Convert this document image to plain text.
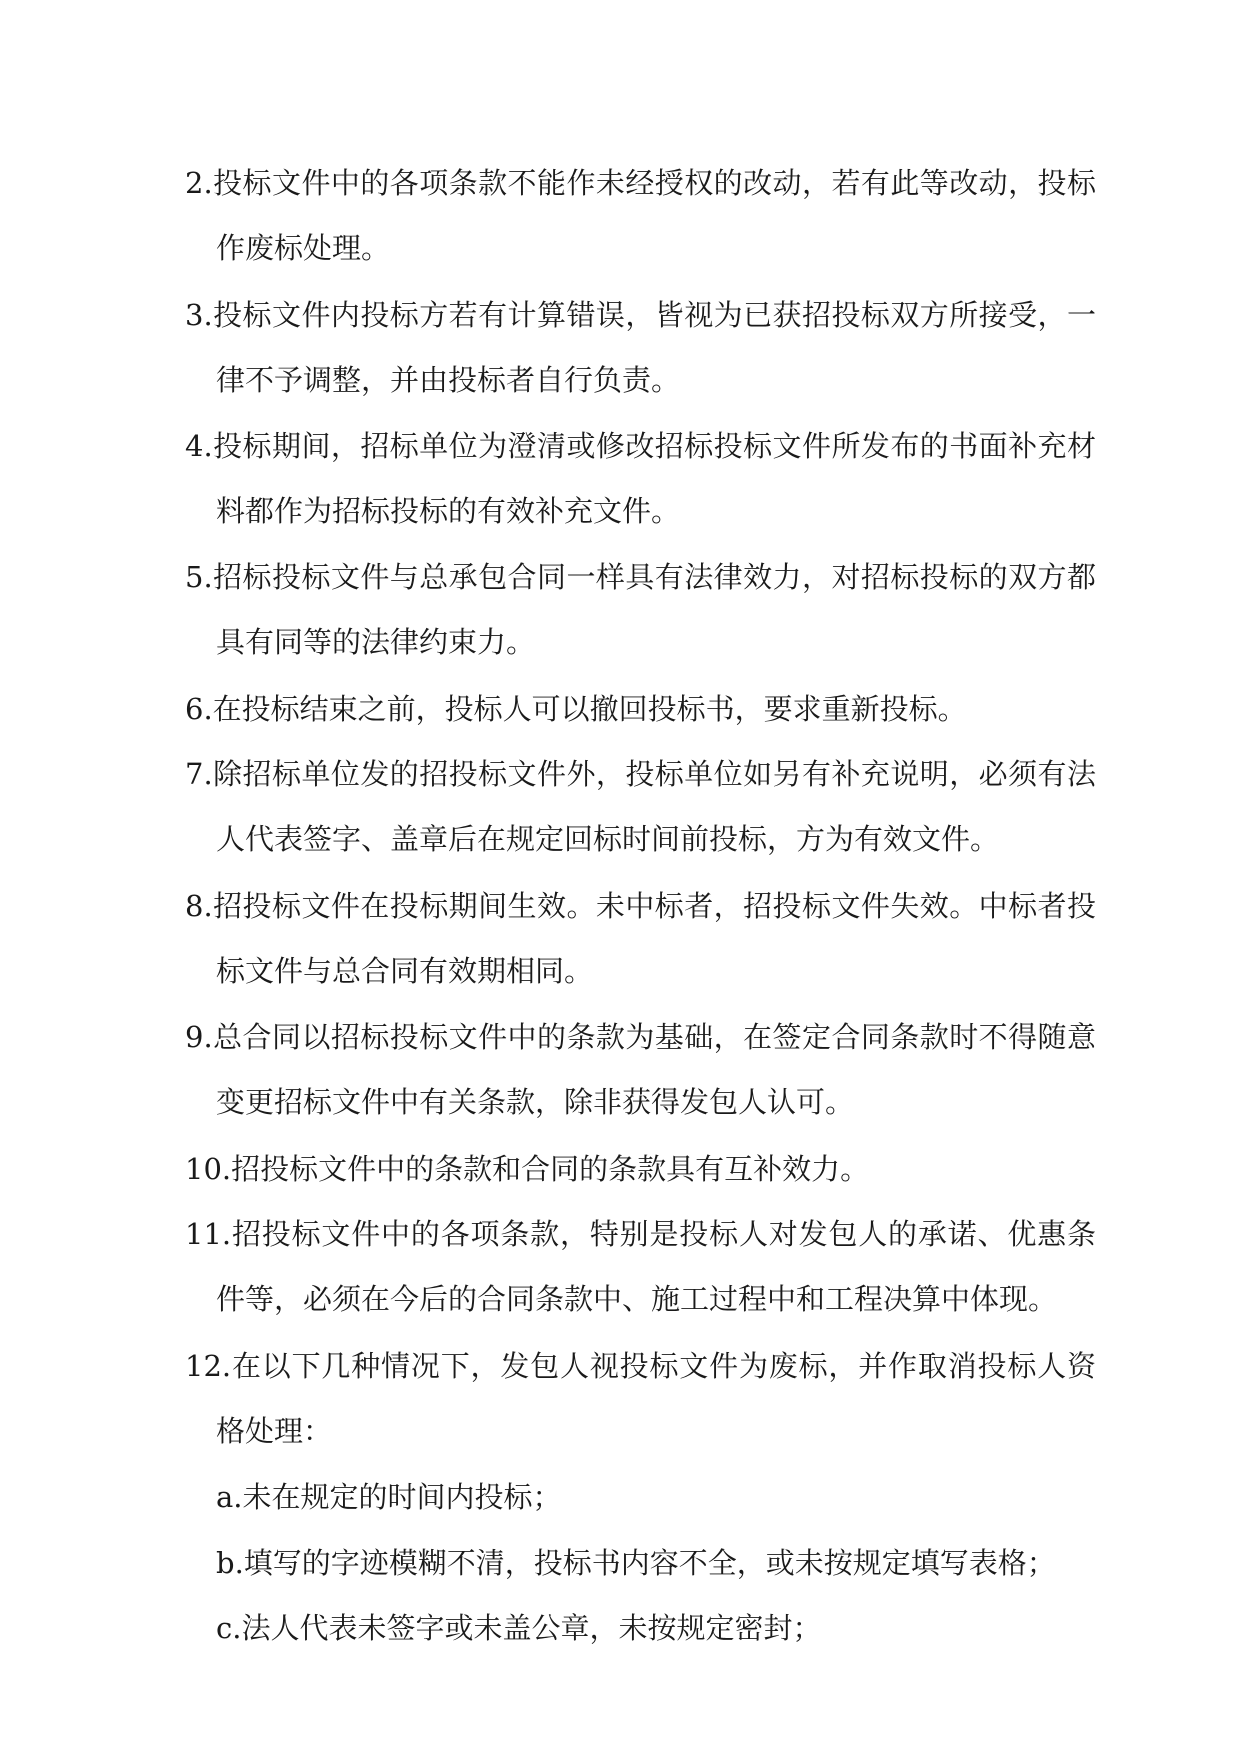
2.投标文件中的各项条款不能作未经授权的改动，若有此等改动，投标作废标处理。

3.投标文件内投标方若有计算错误，皆视为已获招投标双方所接受，一律不予调整，并由投标者自行负责。

4.投标期间，招标单位为澄清或修改招标投标文件所发布的书面补充材料都作为招标投标的有效补充文件。

5.招标投标文件与总承包合同一样具有法律效力，对招标投标的双方都具有同等的法律约束力。

6.在投标结束之前，投标人可以撤回投标书，要求重新投标。

7.除招标单位发的招投标文件外，投标单位如另有补充说明，必须有法人代表签字、盖章后在规定回标时间前投标，方为有效文件。

8.招投标文件在投标期间生效。未中标者，招投标文件失效。中标者投标文件与总合同有效期相同。

9.总合同以招标投标文件中的条款为基础，在签定合同条款时不得随意变更招标文件中有关条款，除非获得发包人认可。

10.招投标文件中的条款和合同的条款具有互补效力。

11.招投标文件中的各项条款，特别是投标人对发包人的承诺、优惠条件等，必须在今后的合同条款中、施工过程中和工程决算中体现。

12.在以下几种情况下，发包人视投标文件为废标，并作取消投标人资格处理：

a.未在规定的时间内投标；

b.填写的字迹模糊不清，投标书内容不全，或未按规定填写表格；

c.法人代表未签字或未盖公章，未按规定密封；
